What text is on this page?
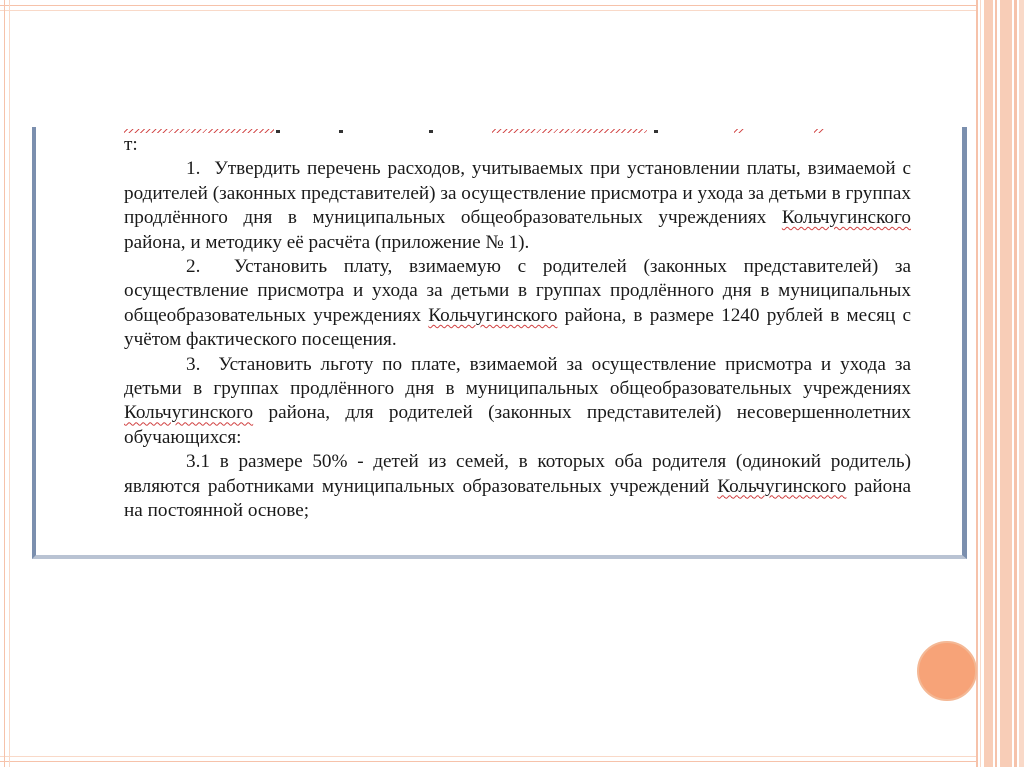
т:

1. Утвердить перечень расходов, учитываемых при установлении платы, взимаемой с родителей (законных представителей) за осуществление присмотра и ухода за детьми в группах продлённого дня в муниципальных общеобразовательных учреждениях Кольчугинского района, и методику её расчёта (приложение № 1).

2. Установить плату, взимаемую с родителей (законных представителей) за осуществление присмотра и ухода за детьми в группах продлённого дня в муниципальных общеобразовательных учреждениях Кольчугинского района, в размере 1240 рублей в месяц с учётом фактического посещения.

3. Установить льготу по плате, взимаемой за осуществление присмотра и ухода за детьми в группах продлённого дня в муниципальных общеобразовательных учреждениях Кольчугинского района, для родителей (законных представителей) несовершеннолетних обучающихся:

3.1 в размере 50% - детей из семей, в которых оба родителя (одинокий родитель) являются работниками муниципальных образовательных учреждений Кольчугинского района на постоянной основе;
